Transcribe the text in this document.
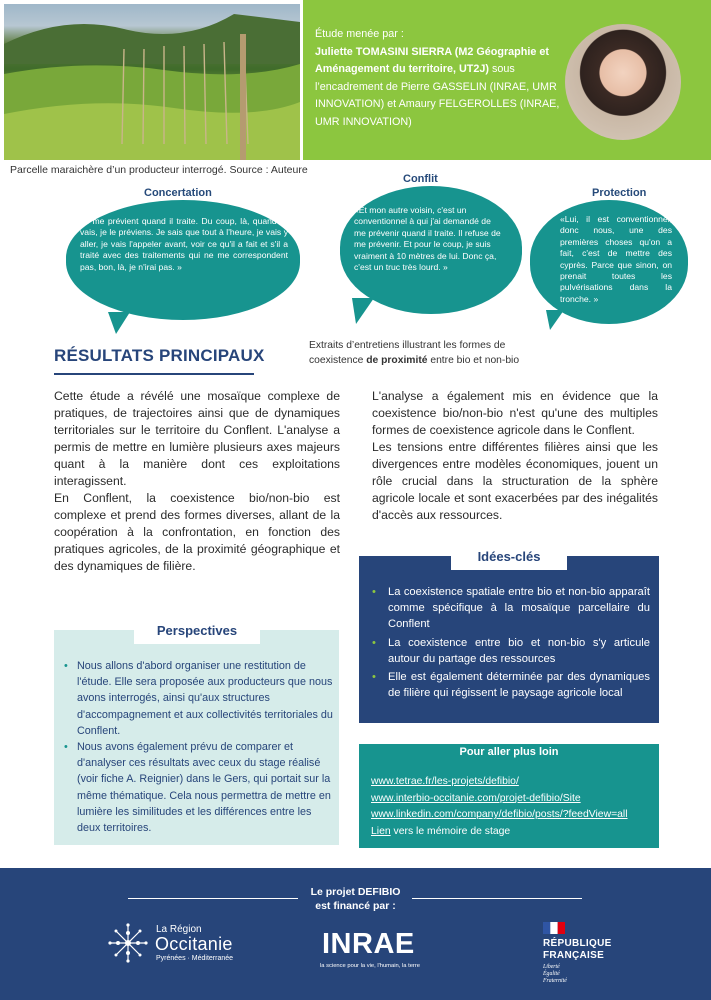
Parcelle maraichère d’un producteur interrogé. Source : Auteure
Étude menée par :
Juliette TOMASINI SIERRA (M2 Géographie et Aménagement du territoire, UT2J) sous l’encadrement de Pierre GASSELIN (INRAE, UMR INNOVATION) et Amaury FELGEROLLES (INRAE, UMR INNOVATION)
Concertation
«Il me prévient quand il traite. Du coup, là, quand j'y vais, je le préviens. Je sais que tout à l'heure, je vais y aller, je vais l'appeler avant, voir ce qu'il a fait et s'il a traité avec des traitements qui ne me correspondent pas, bon, là, je n'irai pas. »
Conflit
«Et mon autre voisin, c'est un conventionnel à qui j'ai demandé de me prévenir quand il traite. Il refuse de me prévenir. Et pour le coup, je suis vraiment à 10 mètres de lui. Donc ça, c'est un truc très lourd. »
Protection
«Lui, il est conventionnel, donc nous, une des premières choses qu'on a fait, c'est de mettre des cyprès. Parce que sinon, on prenait toutes les pulvérisations dans la tronche. »
Extraits d’entretiens illustrant les formes de coexistence de proximité entre bio et non-bio
RÉSULTATS PRINCIPAUX

Cette étude a révélé une mosaïque complexe de pratiques, de trajectoires ainsi que de dynamiques territoriales sur le territoire du Conflent. L'analyse a permis de mettre en lumière plusieurs axes majeurs quant à la manière dont ces exploitations interagissent.

En Conflent, la coexistence bio/non-bio est complexe et prend des formes diverses, allant de la coopération à la confrontation, en fonction des pratiques agricoles, de la proximité géographique et des dynamiques de filière.

L'analyse a également mis en évidence que la coexistence bio/non-bio n'est qu'une des multiples formes de coexistence agricole dans le Conflent.

Les tensions entre différentes filières ainsi que les divergences entre modèles économiques, jouent un rôle crucial dans la structuration de la sphère agricole locale et sont exacerbées par des inégalités d'accès aux ressources.

Idées-clés
• La coexistence spatiale entre bio et non-bio apparaît comme spécifique à la mosaïque parcellaire du Conflent
• La coexistence entre bio et non-bio s'y articule autour du partage des ressources
• Elle est également déterminée par des dynamiques de filière qui régissent le paysage agricole local
Perspectives
• Nous allons d'abord organiser une restitution de l'étude. Elle sera proposée aux producteurs que nous avons interrogés, ainsi qu'aux structures d'accompagnement et aux collectivités territoriales du Conflent.
• Nous avons également prévu de comparer et d'analyser ces résultats avec ceux du stage réalisé (voir fiche A. Reignier) dans le Gers, qui portait sur la même thématique. Cela nous permettra de mettre en lumière les similitudes et les différences entre les deux territoires.
Pour aller plus loin
www.tetrae.fr/les-projets/defibio/
www.interbio-occitanie.com/projet-defibio/Site
www.linkedin.com/company/defibio/posts/?feedView=all
Lien vers le mémoire de stage
Le projet DEFIBIO
est financé par :
La Région
Occitanie
Pyrénées · Méditerranée	INRAE
la science pour la vie, l'humain, la terre
RÉPUBLIQUE
FRANÇAISE
Liberté
Égalité
Fraternité
